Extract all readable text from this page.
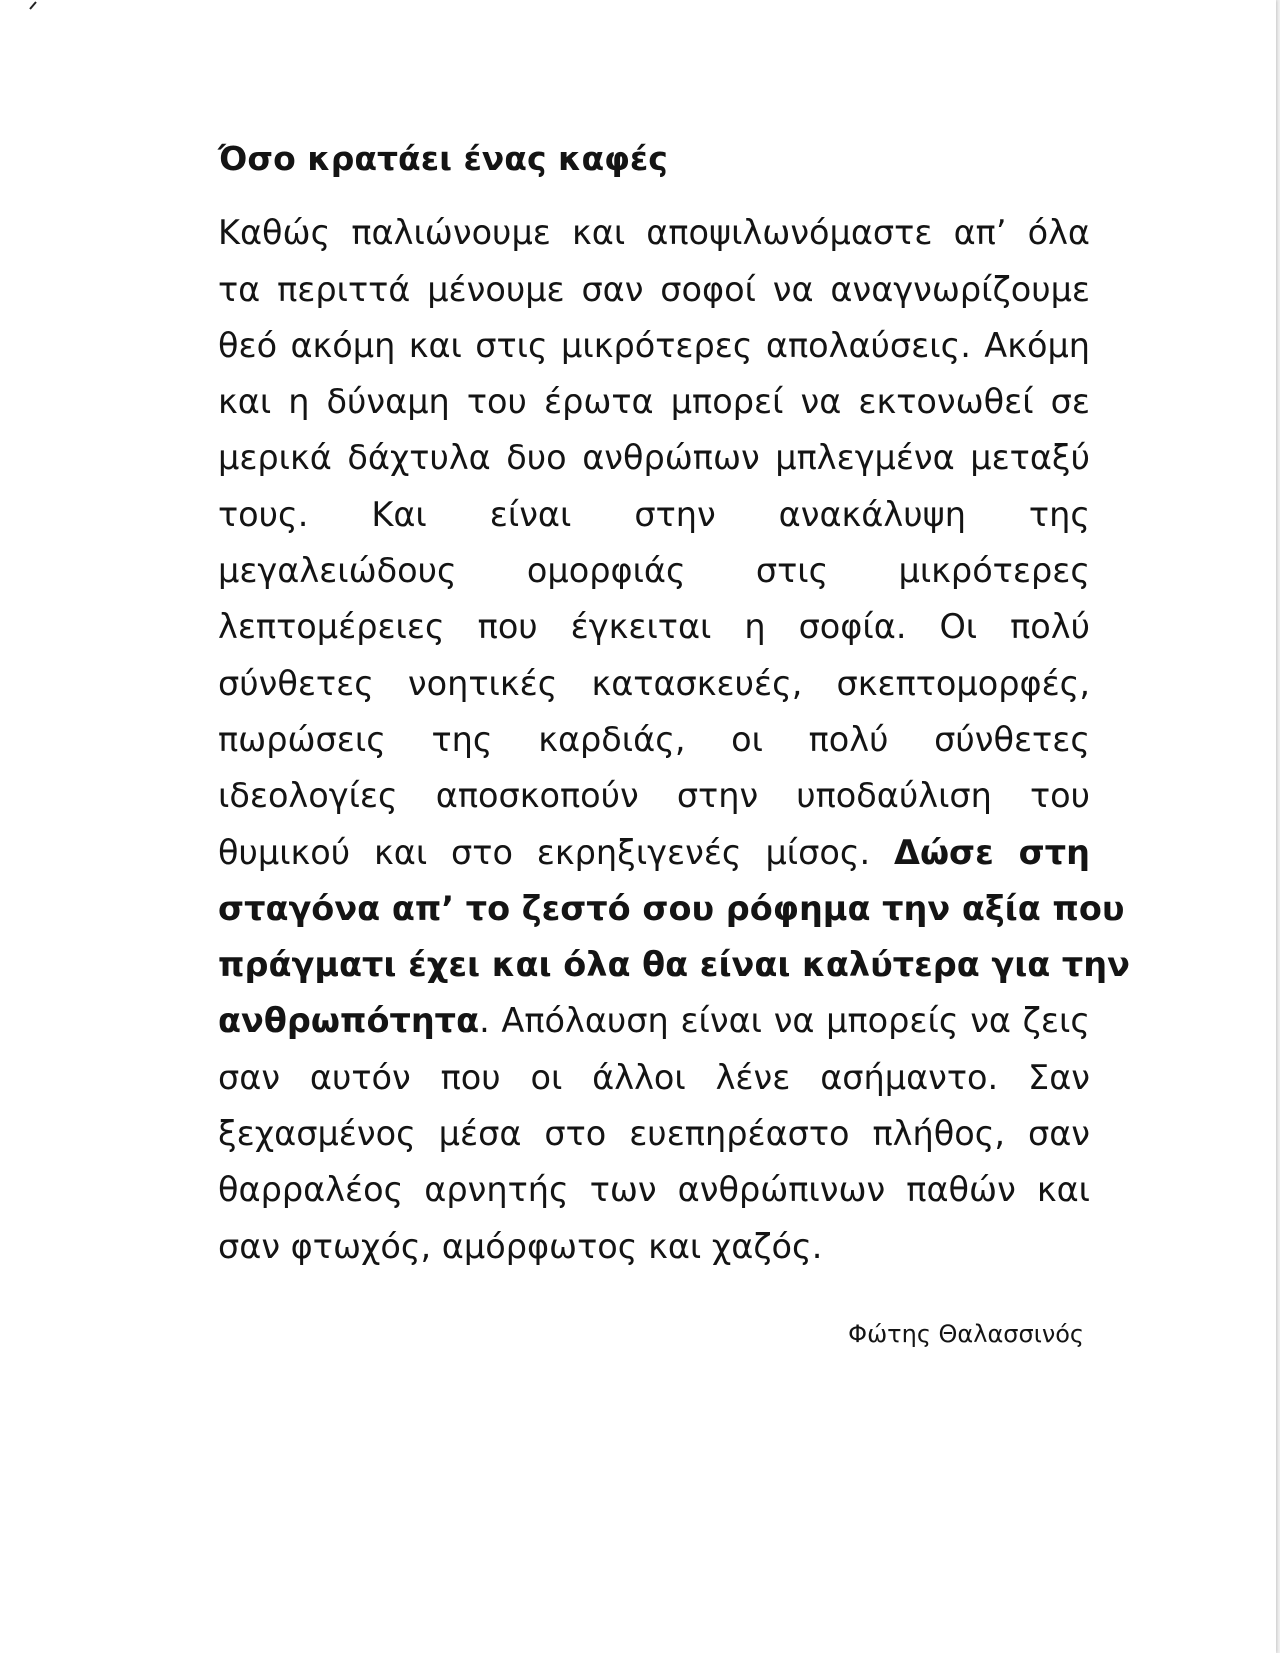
Όσο κρατάει ένας καφές
Καθώς παλιώνουμε και αποψιλωνόμαστε απ’ όλα
τα περιττά μένουμε σαν σοφοί να αναγνωρίζουμε
θεό ακόμη και στις μικρότερες απολαύσεις. Ακόμη
και η δύναμη του έρωτα μπορεί να εκτονωθεί σε
μερικά δάχτυλα δυο ανθρώπων μπλεγμένα μεταξύ
τους. Και είναι στην ανακάλυψη της
μεγαλειώδους ομορφιάς στις μικρότερες
λεπτομέρειες που έγκειται η σοφία. Οι πολύ
σύνθετες νοητικές κατασκευές, σκεπτομορφές,
πωρώσεις της καρδιάς, οι πολύ σύνθετες
ιδεολογίες αποσκοπούν στην υποδαύλιση του
θυμικού και στο εκρηξιγενές μίσος. Δώσε στη
σταγόνα απ’ το ζεστό σου ρόφημα την αξία που
πράγματι έχει και όλα θα είναι καλύτερα για την
ανθρωπότητα. Απόλαυση είναι να μπορείς να ζεις
σαν αυτόν που οι άλλοι λένε ασήμαντο. Σαν
ξεχασμένος μέσα στο ευεπηρέαστο πλήθος, σαν
θαρραλέος αρνητής των ανθρώπινων παθών και
σαν φτωχός, αμόρφωτος και χαζός.
Φώτης Θαλασσινός
